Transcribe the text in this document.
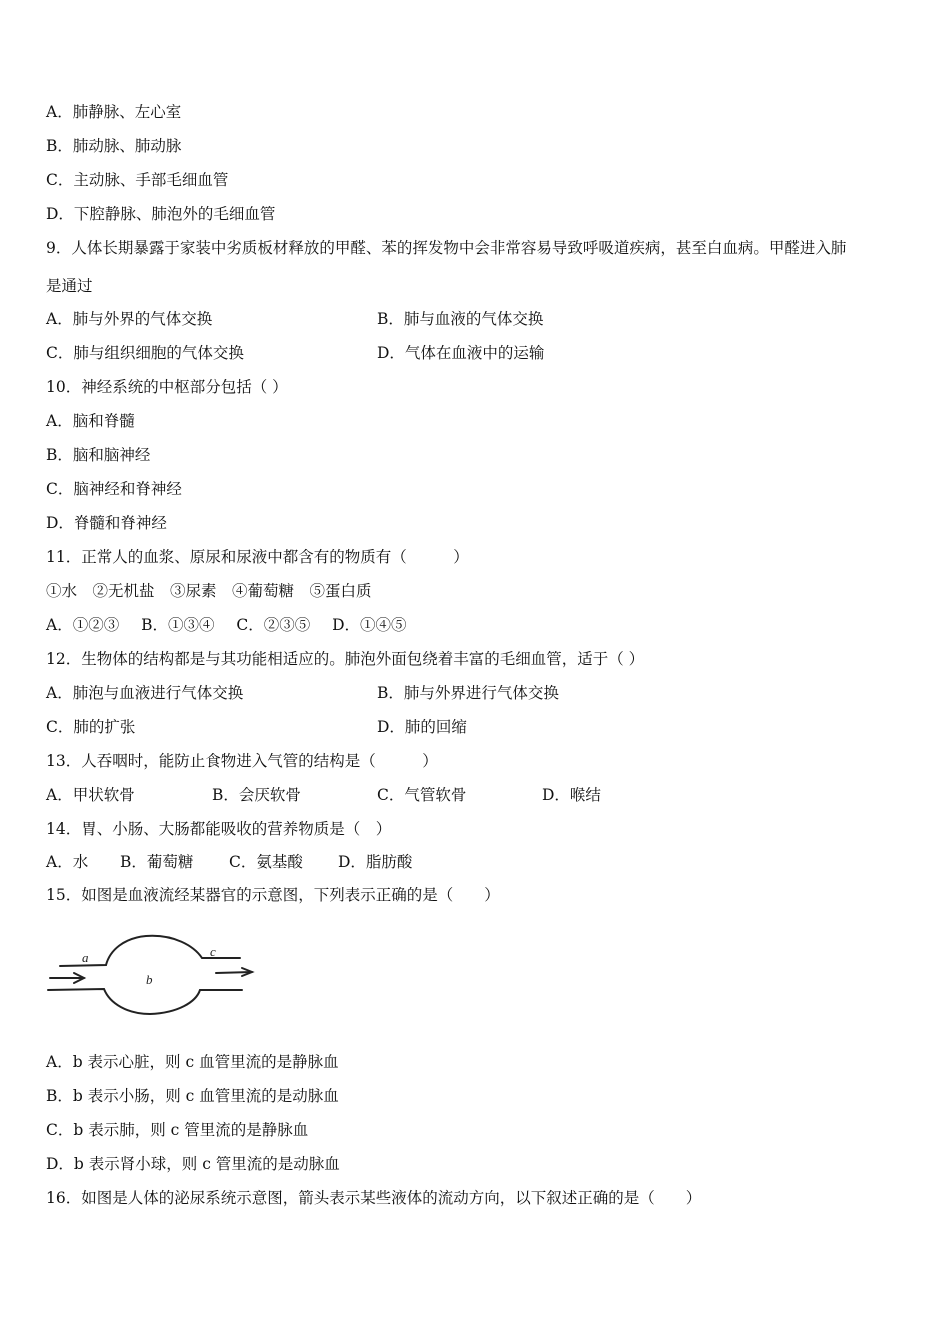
A．肺静脉、左心室
B．肺动脉、肺动脉
C．主动脉、手部毛细血管
D．下腔静脉、肺泡外的毛细血管
9．人体长期暴露于家装中劣质板材释放的甲醛、苯的挥发物中会非常容易导致呼吸道疾病，甚至白血病。甲醛进入肺
是通过
A．肺与外界的气体交换	B．肺与血液的气体交换
C．肺与组织细胞的气体交换	D．气体在血液中的运输
10．神经系统的中枢部分包括（ ）
A．脑和脊髓
B．脑和脑神经
C．脑神经和脊神经
D．脊髓和脊神经
11．正常人的血浆、原尿和尿液中都含有的物质有（　　　）
①水　②无机盐　③尿素　④葡萄糖　⑤蛋白质
A．①②③ B．①③④ C．②③⑤ D．①④⑤
12．生物体的结构都是与其功能相适应的。肺泡外面包绕着丰富的毛细血管，适于（ ）
A．肺泡与血液进行气体交换	B．肺与外界进行气体交换
C．肺的扩张	D．肺的回缩
13．人吞咽时，能防止食物进入气管的结构是（　　　）
A．甲状软骨	B．会厌软骨	C．气管软骨	D．喉结
14．胃、小肠、大肠都能吸收的营养物质是（　）
A．水 B．葡萄糖 C．氨基酸 D．脂肪酸
15．如图是血液流经某器官的示意图，下列表示正确的是（　　）
a
b
c
A．b 表示心脏，则 c 血管里流的是静脉血
B．b 表示小肠，则 c 血管里流的是动脉血
C．b 表示肺，则 c 管里流的是静脉血
D．b 表示肾小球，则 c 管里流的是动脉血
16．如图是人体的泌尿系统示意图，箭头表示某些液体的流动方向，以下叙述正确的是（　　）
